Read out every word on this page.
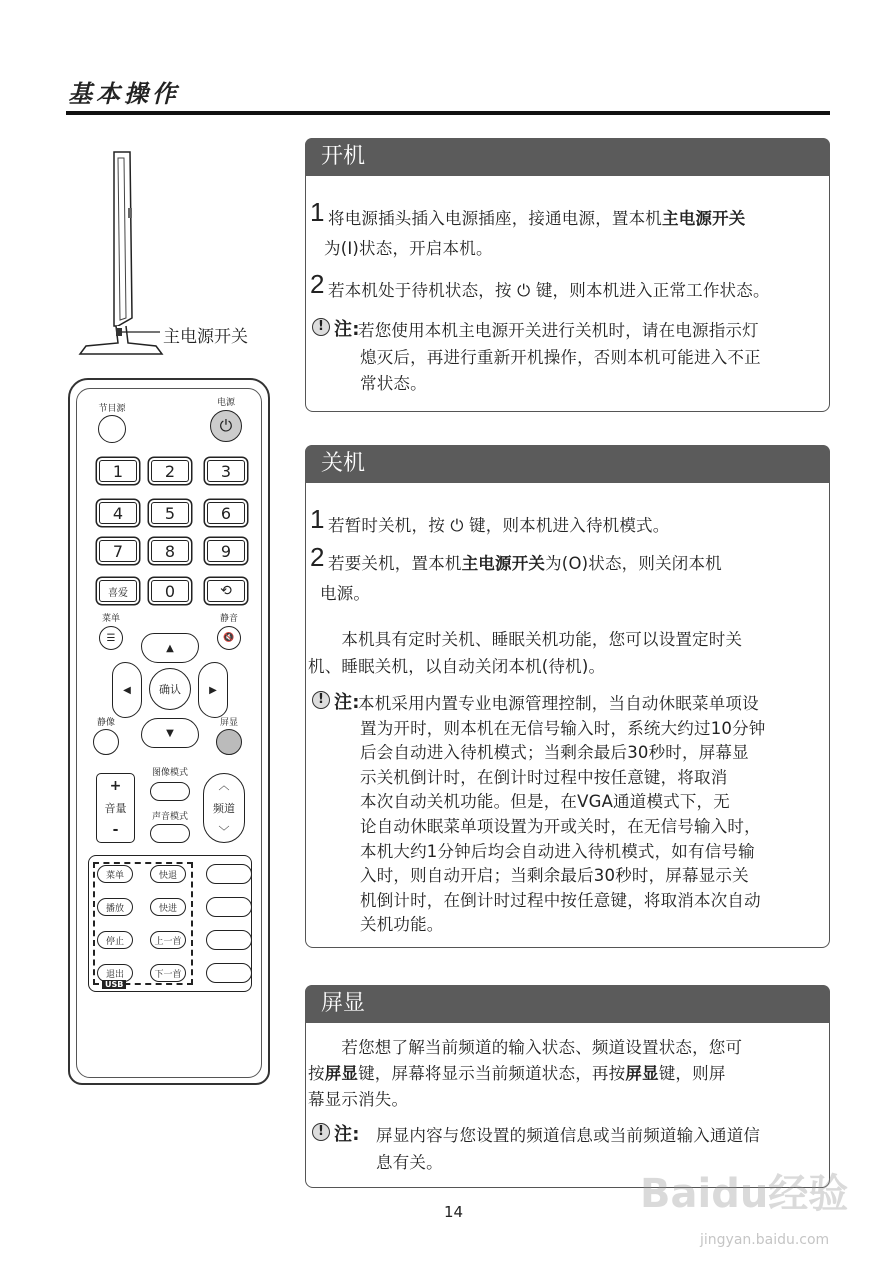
基本操作
主电源开关
节目源
电源
⏻
1	2	3
4	5	6
7	8	9
喜爱	0	⟲
菜单
☰
静音
🔇
▲
▼
◀	▶
确认
静像	屏显
+
音量
-
图像模式
声音模式
︿
频道
﹀
菜单	快退
播放	快进
停止	上一首
退出	下一首
USB
开机
1 将电源插头插入电源插座，接通电源，置本机主电源开关
为(Ⅰ)状态，开启本机。
2 若本机处于待机状态，按 ⏻ 键，则本机进入正常工作状态。
! 注:
若您使用本机主电源开关进行关机时，请在电源指示灯
熄灭后，再进行重新开机操作，否则本机可能进入不正
常状态。
关机
1 若暂时关机，按 ⏻ 键，则本机进入待机模式。
2 若要关机，置本机主电源开关为(O)状态，则关闭本机
电源。
　　本机具有定时关机、睡眠关机功能，您可以设置定时关
机、睡眠关机，以自动关闭本机(待机)。
! 注:
本机采用内置专业电源管理控制，当自动休眠菜单项设
置为开时，则本机在无信号输入时，系统大约过10分钟
后会自动进入待机模式；当剩余最后30秒时，屏幕显
示关机倒计时，在倒计时过程中按任意键，将取消
本次自动关机功能。但是，在VGA通道模式下，无
论自动休眠菜单项设置为开或关时，在无信号输入时，
本机大约1分钟后均会自动进入待机模式，如有信号输
入时，则自动开启；当剩余最后30秒时，屏幕显示关
机倒计时，在倒计时过程中按任意键，将取消本次自动
关机功能。
屏显
　　若您想了解当前频道的输入状态、频道设置状态，您可
按屏显键，屏幕将显示当前频道状态，再按屏显键，则屏
幕显示消失。
! 注: 屏显内容与您设置的频道信息或当前频道输入通道信
息有关。
14	Baidu经验
jingyan.baidu.com
